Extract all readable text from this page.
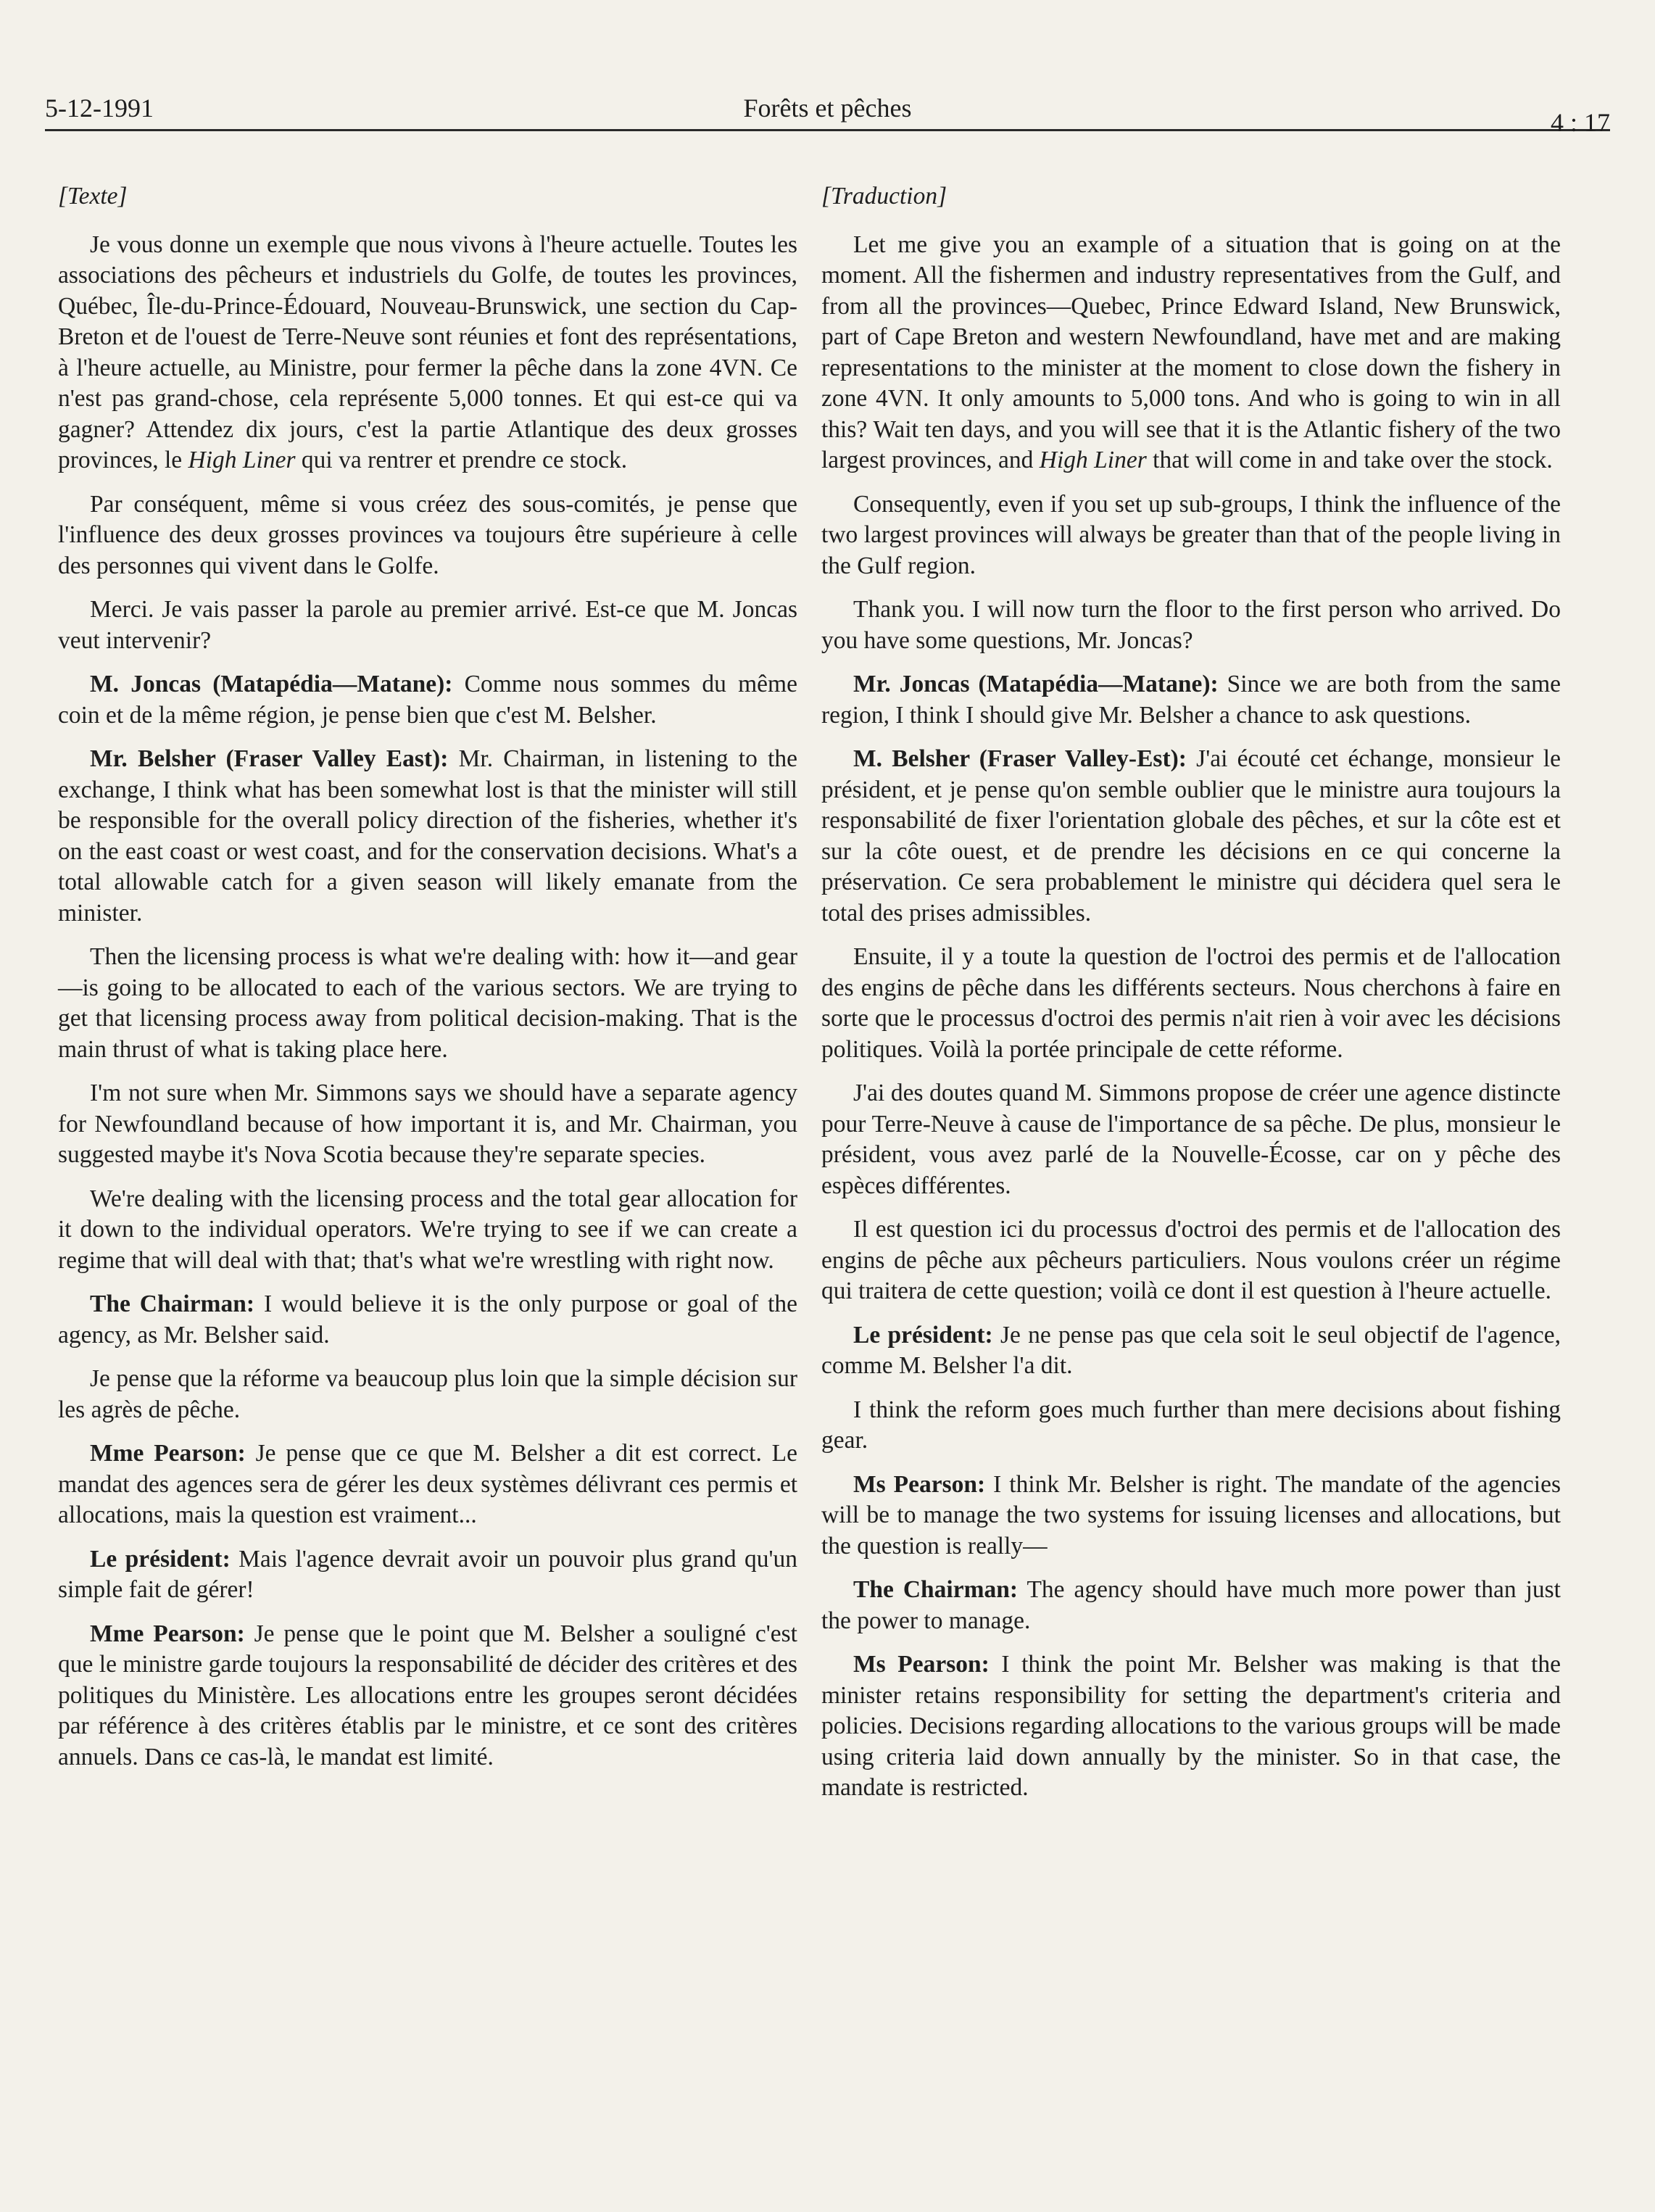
5-12-1991	Forêts et pêches	4 : 17
[Texte]

Je vous donne un exemple que nous vivons à l'heure actuelle. Toutes les associations des pêcheurs et industriels du Golfe, de toutes les provinces, Québec, Île-du-Prince-Édouard, Nouveau-Brunswick, une section du Cap-Breton et de l'ouest de Terre-Neuve sont réunies et font des représentations, à l'heure actuelle, au Ministre, pour fermer la pêche dans la zone 4VN. Ce n'est pas grand-chose, cela représente 5,000 tonnes. Et qui est-ce qui va gagner? Attendez dix jours, c'est la partie Atlantique des deux grosses provinces, le High Liner qui va rentrer et prendre ce stock.

Par conséquent, même si vous créez des sous-comités, je pense que l'influence des deux grosses provinces va toujours être supérieure à celle des personnes qui vivent dans le Golfe.

Merci. Je vais passer la parole au premier arrivé. Est-ce que M. Joncas veut intervenir?

M. Joncas (Matapédia—Matane): Comme nous sommes du même coin et de la même région, je pense bien que c'est M. Belsher.

Mr. Belsher (Fraser Valley East): Mr. Chairman, in listening to the exchange, I think what has been somewhat lost is that the minister will still be responsible for the overall policy direction of the fisheries, whether it's on the east coast or west coast, and for the conservation decisions. What's a total allowable catch for a given season will likely emanate from the minister.

Then the licensing process is what we're dealing with: how it—and gear—is going to be allocated to each of the various sectors. We are trying to get that licensing process away from political decision-making. That is the main thrust of what is taking place here.

I'm not sure when Mr. Simmons says we should have a separate agency for Newfoundland because of how important it is, and Mr. Chairman, you suggested maybe it's Nova Scotia because they're separate species.

We're dealing with the licensing process and the total gear allocation for it down to the individual operators. We're trying to see if we can create a regime that will deal with that; that's what we're wrestling with right now.

The Chairman: I would believe it is the only purpose or goal of the agency, as Mr. Belsher said.

Je pense que la réforme va beaucoup plus loin que la simple décision sur les agrès de pêche.

Mme Pearson: Je pense que ce que M. Belsher a dit est correct. Le mandat des agences sera de gérer les deux systèmes délivrant ces permis et allocations, mais la question est vraiment...

Le président: Mais l'agence devrait avoir un pouvoir plus grand qu'un simple fait de gérer!

Mme Pearson: Je pense que le point que M. Belsher a souligné c'est que le ministre garde toujours la responsabilité de décider des critères et des politiques du Ministère. Les allocations entre les groupes seront décidées par référence à des critères établis par le ministre, et ce sont des critères annuels. Dans ce cas-là, le mandat est limité.

[Traduction]

Let me give you an example of a situation that is going on at the moment. All the fishermen and industry representatives from the Gulf, and from all the provinces—Quebec, Prince Edward Island, New Brunswick, part of Cape Breton and western Newfoundland, have met and are making representations to the minister at the moment to close down the fishery in zone 4VN. It only amounts to 5,000 tons. And who is going to win in all this? Wait ten days, and you will see that it is the Atlantic fishery of the two largest provinces, and High Liner that will come in and take over the stock.

Consequently, even if you set up sub-groups, I think the influence of the two largest provinces will always be greater than that of the people living in the Gulf region.

Thank you. I will now turn the floor to the first person who arrived. Do you have some questions, Mr. Joncas?

Mr. Joncas (Matapédia—Matane): Since we are both from the same region, I think I should give Mr. Belsher a chance to ask questions.

M. Belsher (Fraser Valley-Est): J'ai écouté cet échange, monsieur le président, et je pense qu'on semble oublier que le ministre aura toujours la responsabilité de fixer l'orientation globale des pêches, et sur la côte est et sur la côte ouest, et de prendre les décisions en ce qui concerne la préservation. Ce sera probablement le ministre qui décidera quel sera le total des prises admissibles.

Ensuite, il y a toute la question de l'octroi des permis et de l'allocation des engins de pêche dans les différents secteurs. Nous cherchons à faire en sorte que le processus d'octroi des permis n'ait rien à voir avec les décisions politiques. Voilà la portée principale de cette réforme.

J'ai des doutes quand M. Simmons propose de créer une agence distincte pour Terre-Neuve à cause de l'importance de sa pêche. De plus, monsieur le président, vous avez parlé de la Nouvelle-Écosse, car on y pêche des espèces différentes.

Il est question ici du processus d'octroi des permis et de l'allocation des engins de pêche aux pêcheurs particuliers. Nous voulons créer un régime qui traitera de cette question; voilà ce dont il est question à l'heure actuelle.

Le président: Je ne pense pas que cela soit le seul objectif de l'agence, comme M. Belsher l'a dit.

I think the reform goes much further than mere decisions about fishing gear.

Ms Pearson: I think Mr. Belsher is right. The mandate of the agencies will be to manage the two systems for issuing licenses and allocations, but the question is really—

The Chairman: The agency should have much more power than just the power to manage.

Ms Pearson: I think the point Mr. Belsher was making is that the minister retains responsibility for setting the department's criteria and policies. Decisions regarding allocations to the various groups will be made using criteria laid down annually by the minister. So in that case, the mandate is restricted.
